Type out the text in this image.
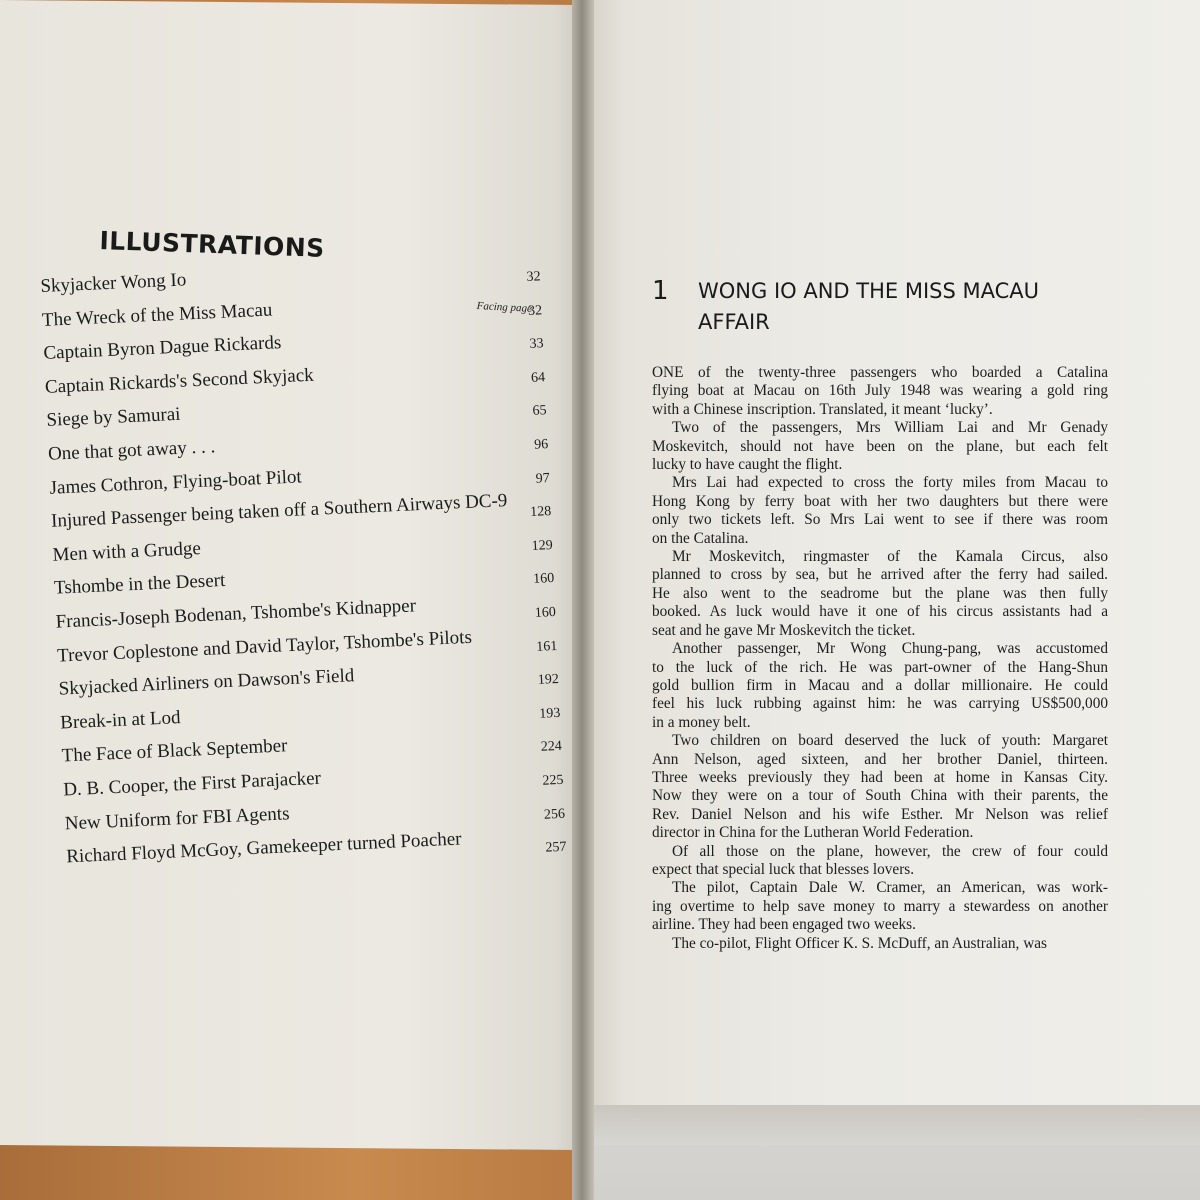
ILLUSTRATIONS
Facing page
Skyjacker Wong Io	32
The Wreck of the Miss Macau	32
Captain Byron Dague Rickards	33
Captain Rickards's Second Skyjack	64
Siege by Samurai	65
One that got away . . .	96
James Cothron, Flying-boat Pilot	97
Injured Passenger being taken off a Southern Airways DC-9 128
Men with a Grudge	129
Tshombe in the Desert	160
Francis-Joseph Bodenan, Tshombe's Kidnapper	160
Trevor Coplestone and David Taylor, Tshombe's Pilots	161
Skyjacked Airliners on Dawson's Field	192
Break-in at Lod	193
The Face of Black September	224
D. B. Cooper, the First Parajacker	225
New Uniform for FBI Agents	256
Richard Floyd McGoy, Gamekeeper turned Poacher	257
1 WONG IO AND THE MISS MACAU
AFFAIR
ONE of the twenty-three passengers who boarded a Catalina
flying boat at Macau on 16th July 1948 was wearing a gold ring
with a Chinese inscription. Translated, it meant ‘lucky’.
Two of the passengers, Mrs William Lai and Mr Genady
Moskevitch, should not have been on the plane, but each felt
lucky to have caught the flight.
Mrs Lai had expected to cross the forty miles from Macau to
Hong Kong by ferry boat with her two daughters but there were
only two tickets left. So Mrs Lai went to see if there was room
on the Catalina.
Mr Moskevitch, ringmaster of the Kamala Circus, also
planned to cross by sea, but he arrived after the ferry had sailed.
He also went to the seadrome but the plane was then fully
booked. As luck would have it one of his circus assistants had a
seat and he gave Mr Moskevitch the ticket.
Another passenger, Mr Wong Chung-pang, was accustomed
to the luck of the rich. He was part-owner of the Hang-Shun
gold bullion firm in Macau and a dollar millionaire. He could
feel his luck rubbing against him: he was carrying US$500,000
in a money belt.
Two children on board deserved the luck of youth: Margaret
Ann Nelson, aged sixteen, and her brother Daniel, thirteen.
Three weeks previously they had been at home in Kansas City.
Now they were on a tour of South China with their parents, the
Rev. Daniel Nelson and his wife Esther. Mr Nelson was relief
director in China for the Lutheran World Federation.
Of all those on the plane, however, the crew of four could
expect that special luck that blesses lovers.
The pilot, Captain Dale W. Cramer, an American, was work-
ing overtime to help save money to marry a stewardess on another
airline. They had been engaged two weeks.
The co-pilot, Flight Officer K. S. McDuff, an Australian, was
